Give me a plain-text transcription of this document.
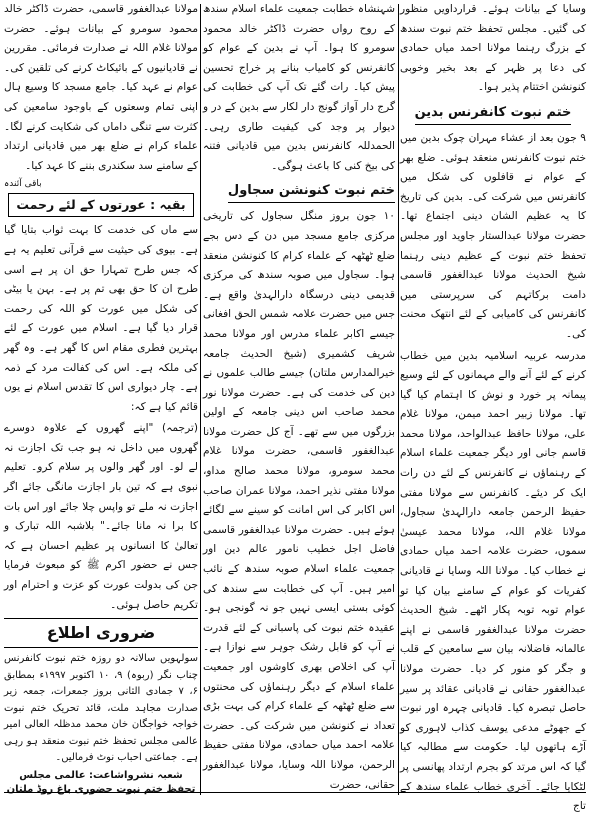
وسایا کے بیانات ہوئے۔ قرارداویں منظور کی گئیں۔ مجلس تحفظ ختم نبوت سندھ کے بزرگ رہنما مولانا احمد میاں حمادی کی دعا پر ظہر کے بعد بخیر وخوبی کنونشن اختتام پذیر ہوا۔

ختم نبوت کانفرنس بدین

۹ جون بعد از عشاء مہران چوک بدین میں ختم نبوت کانفرنس منعقد ہوئی۔ ضلع بھر کے عوام نے قافلوں کی شکل میں کانفرنس میں شرکت کی۔ بدین کی تاریخ کا یہ عظیم الشان دینی اجتماع تھا۔ حضرت مولانا عبدالستار جاوید اور مجلس تحفظ ختم نبوت کے عظیم دینی رہنما شیخ الحدیث مولانا عبدالغفور قاسمی دامت برکاتہم کی سرپرستی میں کانفرنس کی کامیابی کے لئے انتھک محنت کی۔

مدرسہ عربیہ اسلامیہ بدین میں خطاب کرنے کے لئے آنے والے مہمانوں کے لئے وسیع پیمانہ پر خورد و نوش کا اہتمام کیا گیا تھا۔ مولانا زبیر احمد میمن، مولانا غلام علی، مولانا حافظ عبدالواحد، مولانا محمد قاسم جانی اور دیگر جمعیت علماء اسلام کے رہنماؤں نے کانفرنس کے لئے دن رات ایک کر دیئے۔ کانفرنس سے مولانا مفتی حفیظ الرحمن جامعہ دارالہدیٰ سجاول، مولانا غلام اللہ، مولانا محمد عیسیٰ سموں، حضرت علامہ احمد میاں حمادی نے خطاب کیا۔ مولانا اللہ وسایا نے قادیانی کفریات کو عوام کے سامنے بیان کیا تو عوام توبہ توبہ پکار اٹھے۔ شیخ الحدیث حضرت مولانا عبدالغفور قاسمی نے اپنے عالمانہ فاضلانہ بیان سے سامعین کے قلب و جگر کو منور کر دیا۔ حضرت مولانا عبدالغفور حقانی نے قادیانی عقائد پر سیر حاصل تبصرہ کیا۔ قادیانی چہرہ اور نبوت کے جھوٹے مدعی یوسف کذاب لاہوری کو آڑے ہاتھوں لیا۔ حکومت سے مطالبہ کیا گیا کہ اس مرتد کو بجرم ارتداد پھانسی پر لٹکایا جائے۔ آخری خطاب علماء سندھ کے تاج

شہنشاہ خطابت جمعیت علماء اسلام سندھ کے روح رواں حضرت ڈاکٹر خالد محمود سومرو کا ہوا۔ آپ نے بدین کے عوام کو کانفرنس کو کامیاب بنانے پر خراج تحسین پیش کیا۔ رات گئے تک آپ کی خطابت کی گرج دار آواز گونج دار لکار سے بدین کے در و دیوار پر وجد کی کیفیت طاری رہی۔ الحمدللہ کانفرنس بدین میں قادیانی فتنہ کی بیخ کنی کا باعث ہوگی۔

ختم نبوت کنونشن سجاول

۱۰ جون بروز منگل سجاول کی تاریخی مرکزی جامع مسجد میں دن کے دس بجے ضلع ٹھٹھہ کے علماء کرام کا کنونشن منعقد ہوا۔ سجاول میں صوبہ سندھ کی مرکزی قدیمی دینی درسگاہ دارالہدیٰ واقع ہے۔ جس میں حضرت علامہ شمس الحق افغانی جیسے اکابر علماء مدرس اور مولانا محمد شریف کشمیری (شیخ الحدیث جامعہ خیرالمدارس ملتان) جیسے طالب علموں نے دین کی خدمت کی ہے۔ حضرت مولانا نور محمد صاحب اس دینی جامعہ کے اولین بزرگوں میں سے تھے۔ آج کل حضرت مولانا عبدالغفور قاسمی، حضرت مولانا غلام محمد سومرو، مولانا محمد صالح مداو، مولانا مفتی نذیر احمد، مولانا عمران صاحب اس اکابر کی اس امانت کو سینے سے لگائے ہوئے ہیں۔ حضرت مولانا عبدالغفور قاسمی فاضل اجل خطیب نامور عالم دین اور جمعیت علماء اسلام صوبہ سندھ کے نائب امیر ہیں۔ آپ کی خطابت سے سندھ کی کوئی بستی ایسی نہیں جو نہ گونجی ہو۔ عقیدہ ختم نبوت کی پاسبانی کے لئے قدرت نے آپ کو قابل رشک جوہر سے نوازا ہے۔ آپ کی اخلاص بھری کاوشوں اور جمعیت علماء اسلام کے دیگر رہنماؤں کی محنتوں سے ضلع ٹھٹھہ کے علماء کرام کی بہت بڑی تعداد نے کنونشن میں شرکت کی۔ حضرت علامہ احمد میاں حمادی، مولانا مفتی حفیظ الرحمن، مولانا اللہ وسایا، مولانا عبدالغفور حقانی، حضرت

مولانا عبدالغفور قاسمی، حضرت ڈاکٹر خالد محمود سومرو کے بیانات ہوئے۔ حضرت مولانا غلام اللہ نے صدارت فرمائی۔ مقررین نے قادیانیوں کے بائیکاٹ کرنے کی تلقین کی۔ عوام نے عہد کیا۔ جامع مسجد کا وسیع ہال اپنی تمام وسعتوں کے باوجود سامعین کی کثرت سے تنگی داماں کی شکایت کرنے لگا۔ علماء کرام نے ضلع بھر میں قادیانی ارتداد کے سامنے سد سکندری بننے کا عہد کیا۔

باقی آئندہ
بقیہ : عورتوں کے لئے رحمت

سے ماں کی خدمت کا بہت ثواب بتایا گیا ہے۔ بیوی کی حیثیت سے قرآنی تعلیم یہ ہے کہ جس طرح تمہارا حق ان پر ہے اسی طرح ان کا حق بھی تم پر ہے۔ بہن یا بیٹی کی شکل میں عورت کو اللہ کی رحمت قرار دیا گیا ہے۔ اسلام میں عورت کے لئے بہترین فطری مقام اس کا گھر ہے۔ وہ گھر کی ملکہ ہے۔ اس کی کفالت مرد کے ذمہ ہے۔ چار دیواری اس کا تقدس اسلام نے یوں قائم کیا ہے کہ:

(ترجمہ) "اپنے گھروں کے علاوہ دوسرے گھروں میں داخل نہ ہو جب تک اجازت نہ لے لو۔ اور گھر والوں پر سلام کرو۔ تعلیم نبوی ہے کہ تین بار اجازت مانگی جائے اگر اجازت نہ ملے تو واپس چلا جائے اور اس بات کا برا نہ مانا جائے۔" بلاشبہ اللہ تبارک و تعالیٰ کا انسانوں پر عظیم احسان ہے کہ جس نے حضور اکرم ﷺ کو مبعوث فرمایا جن کی بدولت عورت کو عزت و احترام اور تکریم حاصل ہوئی۔

ضروری اطلاع

سولہویں سالانہ دو روزہ ختم نبوت کانفرنس چناب نگر (ربوہ) ۹، ۱۰ اکتوبر ۱۹۹۷ء بمطابق ۶، ۷ جمادی الثانی بروز جمعرات، جمعہ زیر صدارت مجاہد ملت، قائد تحریک ختم نبوت خواجہ خواجگان خان محمد مدظلہ العالی امیر عالمی مجلس تحفظ ختم نبوت منعقد ہو رہی ہے۔ جماعتی احباب نوٹ فرمالیں۔

شعبہ نشرواشاعت: عالمی مجلس تحفظ ختم نبوت حضوری باغ روڈ ملتان
